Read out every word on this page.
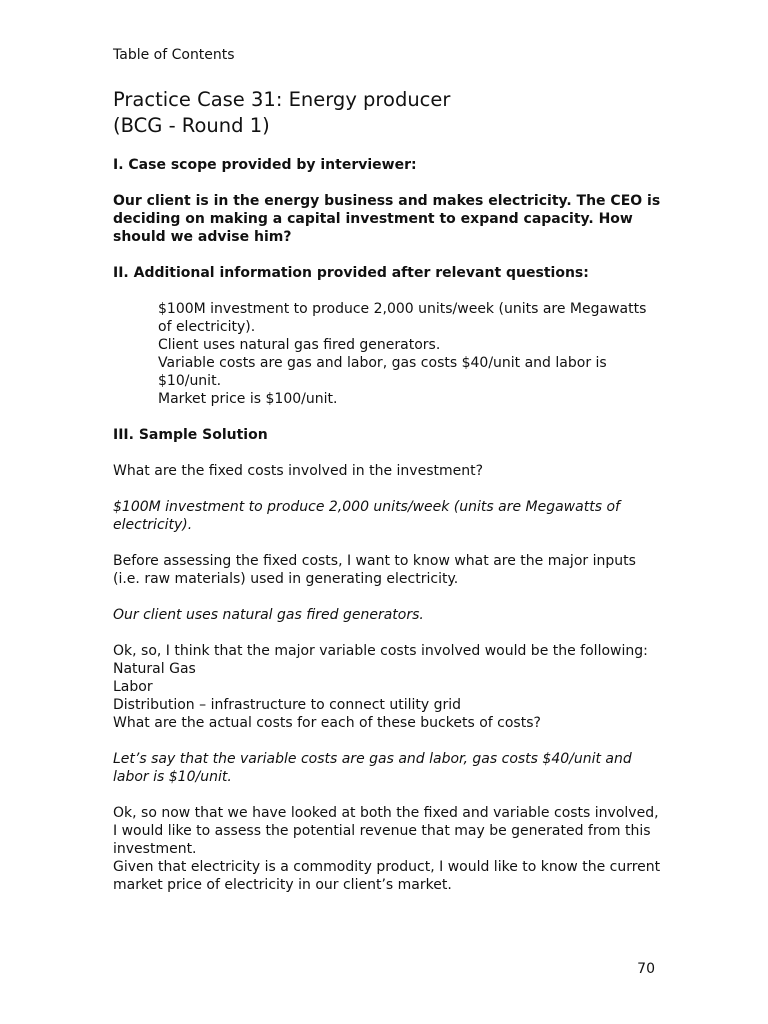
Table of Contents
Practice Case 31: Energy producer
(BCG - Round 1)
I. Case scope provided by interviewer:
Our client is in the energy business and makes electricity. The CEO is deciding on making a capital investment to expand capacity. How should we advise him?
II. Additional information provided after relevant questions:
$100M investment to produce 2,000 units/week (units are Megawatts of electricity).
Client uses natural gas fired generators.
Variable costs are gas and labor, gas costs $40/unit and labor is $10/unit.
Market price is $100/unit.
III. Sample Solution
What are the fixed costs involved in the investment?
$100M investment to produce 2,000 units/week (units are Megawatts of electricity).
Before assessing the fixed costs, I want to know what are the major inputs (i.e. raw materials) used in generating electricity.
Our client uses natural gas fired generators.
Ok, so, I think that the major variable costs involved would be the following:
Natural Gas
Labor
Distribution – infrastructure to connect utility grid
What are the actual costs for each of these buckets of costs?
Let’s say that the variable costs are gas and labor, gas costs $40/unit and labor is $10/unit.
Ok, so now that we have looked at both the fixed and variable costs involved, I would like to assess the potential revenue that may be generated from this investment.
Given that electricity is a commodity product, I would like to know the current market price of electricity in our client’s market.
70
